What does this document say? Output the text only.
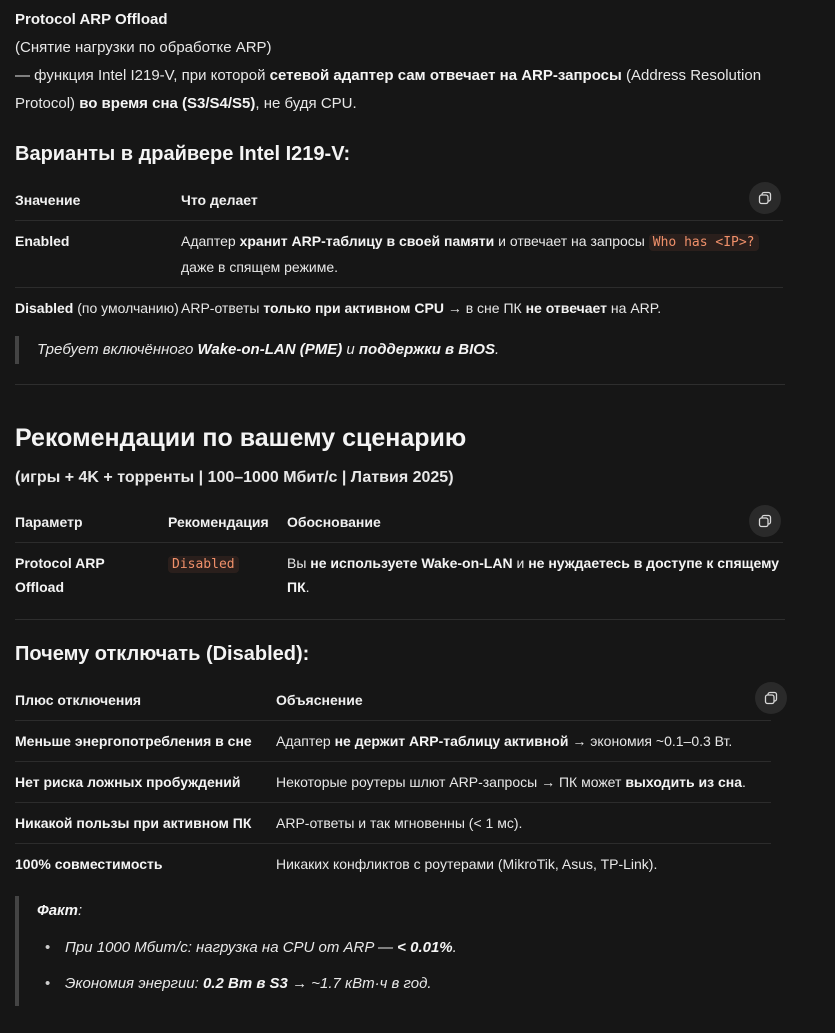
Protocol ARP Offload

(Снятие нагрузки по обработке ARP)

— функция Intel I219-V, при которой сетевой адаптер сам отвечает на ARP-запросы (Address Resolution Protocol) во время сна (S3/S4/S5), не будя CPU.

Варианты в драйвере Intel I219-V:
Значение	Что делает
Enabled	Адаптер хранит ARP-таблицу в своей памяти и отвечает на запросы Who has <IP>?
даже в спящем режиме.
Disabled (по умолчанию)	ARP-ответы только при активном CPU → в сне ПК не отвечает на ARP.
Требует включённого Wake-on-LAN (PME) и поддержки в BIOS.
Рекомендации по вашему сценарию
(игры + 4K + торренты | 100–1000 Мбит/с | Латвия 2025)
Параметр	Рекомендация	Обоснование
Protocol ARP Offload	Disabled	Вы не используете Wake-on-LAN и не нуждаетесь в доступе к спящему ПК.
Почему отключать (Disabled):
Плюс отключения	Объяснение
Меньше энергопотребления в сне	Адаптер не держит ARP-таблицу активной → экономия ~0.1–0.3 Вт.
Нет риска ложных пробуждений	Некоторые роутеры шлют ARP-запросы → ПК может выходить из сна.
Никакой пользы при активном ПК	ARP-ответы и так мгновенны (< 1 мс).
100% совместимость	Никаких конфликтов с роутерами (MikroTik, Asus, TP-Link).
Факт:
• При 1000 Мбит/с: нагрузка на CPU от ARP — < 0.01%.
• Экономия энергии: 0.2 Вт в S3 → ~1.7 кВт·ч в год.
